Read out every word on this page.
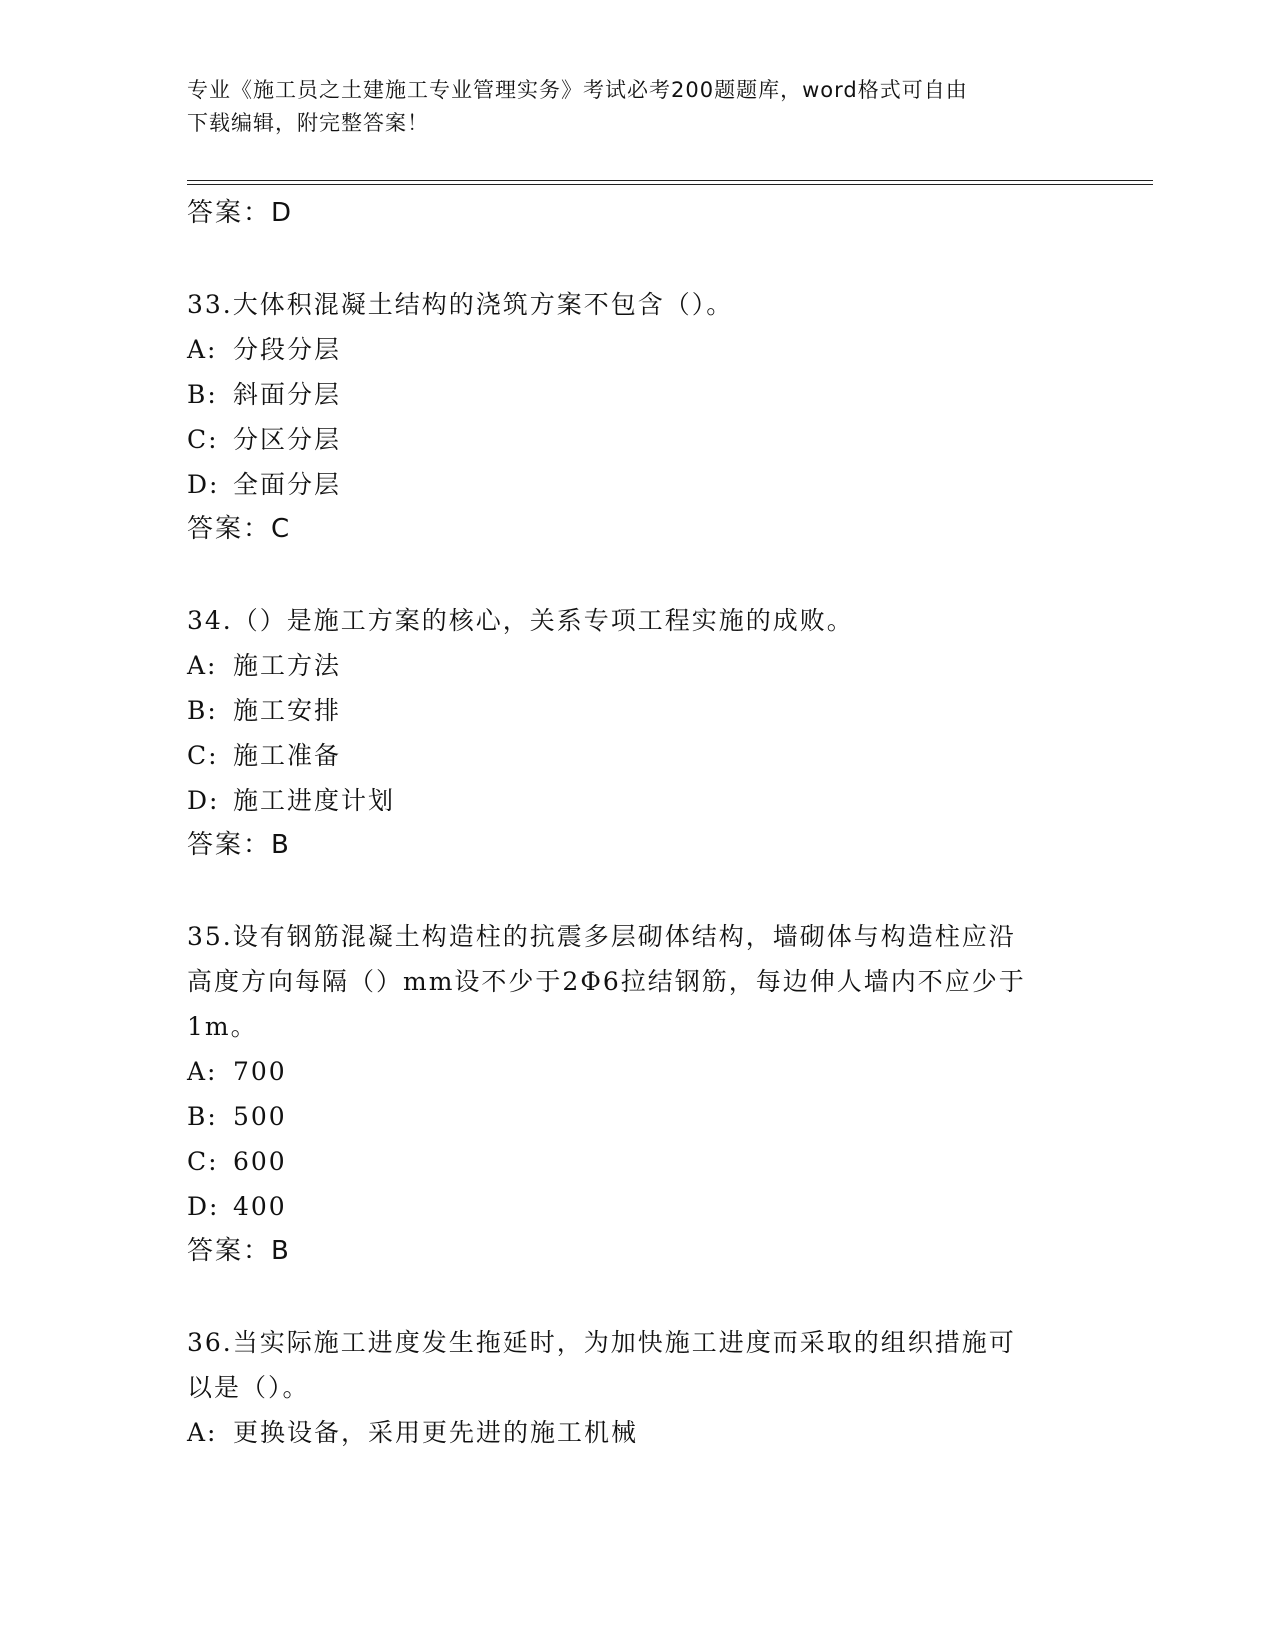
专业《施工员之土建施工专业管理实务》考试必考200题题库，word格式可自由
下载编辑，附完整答案！
答案：D
33.大体积混凝土结构的浇筑方案不包含（）。
A: 分段分层
B: 斜面分层
C: 分区分层
D: 全面分层
答案：C
34.（）是施工方案的核心，关系专项工程实施的成败。
A: 施工方法
B: 施工安排
C: 施工准备
D: 施工进度计划
答案：B
35.设有钢筋混凝土构造柱的抗震多层砌体结构，墙砌体与构造柱应沿
高度方向每隔（）mm设不少于2Φ6拉结钢筋，每边伸人墙内不应少于
1m。
A: 700
B: 500
C: 600
D: 400
答案：B
36.当实际施工进度发生拖延时，为加快施工进度而采取的组织措施可
以是（）。
A: 更换设备，采用更先进的施工机械
